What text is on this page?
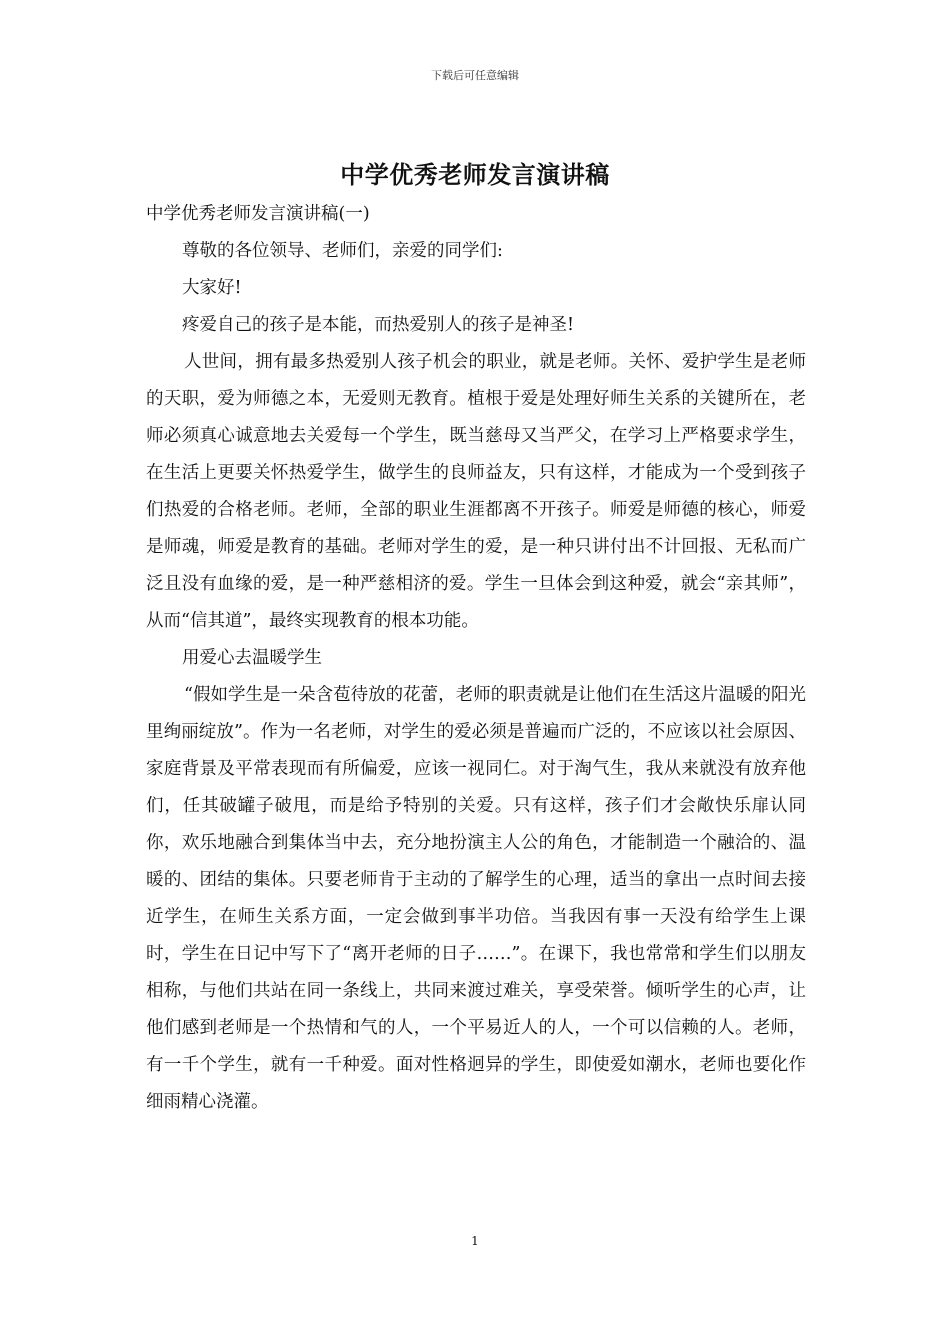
下载后可任意编辑
中学优秀老师发言演讲稿

中学优秀老师发言演讲稿(一)

尊敬的各位领导、老师们，亲爱的同学们:

大家好!

疼爱自己的孩子是本能，而热爱别人的孩子是神圣!

人世间，拥有最多热爱别人孩子机会的职业，就是老师。关怀、爱护学生是老师的天职，爱为师德之本，无爱则无教育。植根于爱是处理好师生关系的关键所在，老师必须真心诚意地去关爱每一个学生，既当慈母又当严父，在学习上严格要求学生，在生活上更要关怀热爱学生，做学生的良师益友，只有这样，才能成为一个受到孩子们热爱的合格老师。老师，全部的职业生涯都离不开孩子。师爱是师德的核心，师爱是师魂，师爱是教育的基础。老师对学生的爱，是一种只讲付出不计回报、无私而广泛且没有血缘的爱，是一种严慈相济的爱。学生一旦体会到这种爱，就会“亲其师”，从而“信其道”，最终实现教育的根本功能。

用爱心去温暖学生

“假如学生是一朵含苞待放的花蕾，老师的职责就是让他们在生活这片温暖的阳光里绚丽绽放”。作为一名老师，对学生的爱必须是普遍而广泛的，不应该以社会原因、家庭背景及平常表现而有所偏爱，应该一视同仁。对于淘气生，我从来就没有放弃他们，任其破罐子破甩，而是给予特别的关爱。只有这样，孩子们才会敞快乐扉认同你，欢乐地融合到集体当中去，充分地扮演主人公的角色，才能制造一个融洽的、温暖的、团结的集体。只要老师肯于主动的了解学生的心理，适当的拿出一点时间去接近学生，在师生关系方面，一定会做到事半功倍。当我因有事一天没有给学生上课时，学生在日记中写下了“离开老师的日子……”。在课下，我也常常和学生们以朋友相称，与他们共站在同一条线上，共同来渡过难关，享受荣誉。倾听学生的心声，让他们感到老师是一个热情和气的人，一个平易近人的人，一个可以信赖的人。老师，有一千个学生，就有一千种爱。面对性格迥异的学生，即使爱如潮水，老师也要化作细雨精心浇灌。

1
